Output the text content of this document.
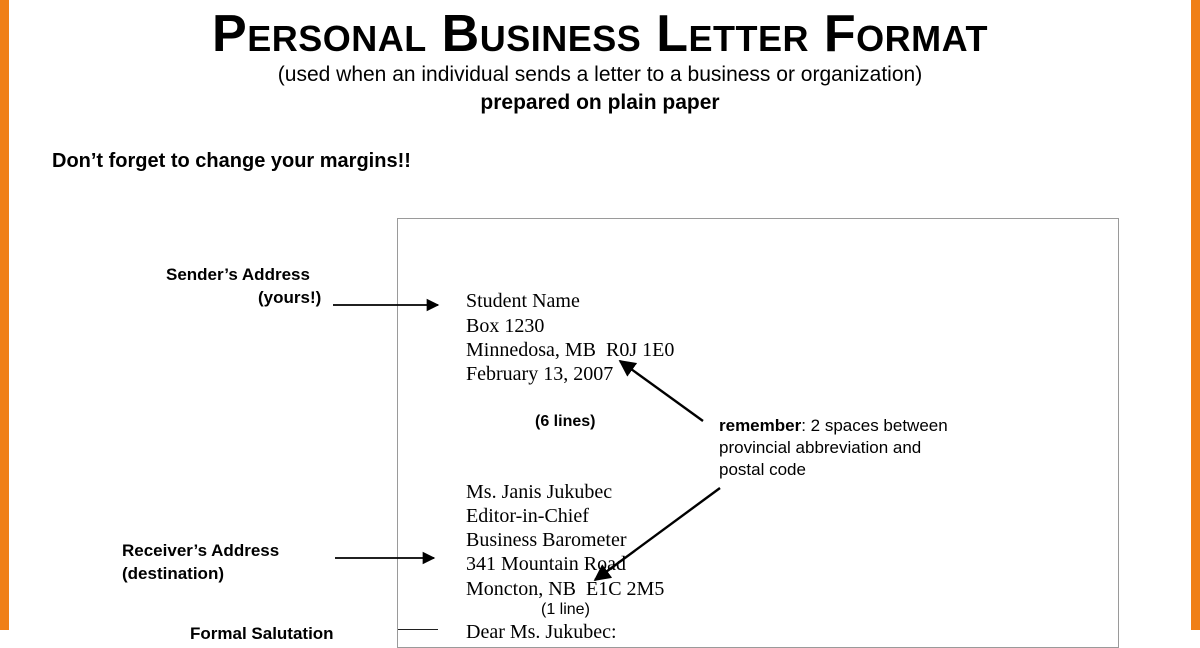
Personal Business Letter Format
(used when an individual sends a letter to a business or organization)
prepared on plain paper
Don’t forget to change your margins!!
Student Name
Box 1230
Minnedosa, MB  R0J 1E0
February 13, 2007
Ms. Janis Jukubec
Editor-in-Chief
Business Barometer
341 Mountain Road
Moncton, NB  E1C 2M5
Dear Ms. Jukubec:
Sender’s Address
(yours!)
(6 lines)	remember: 2 spaces between
provincial abbreviation and
postal code
Receiver’s Address
(destination)
(1 line)
Formal Salutation
